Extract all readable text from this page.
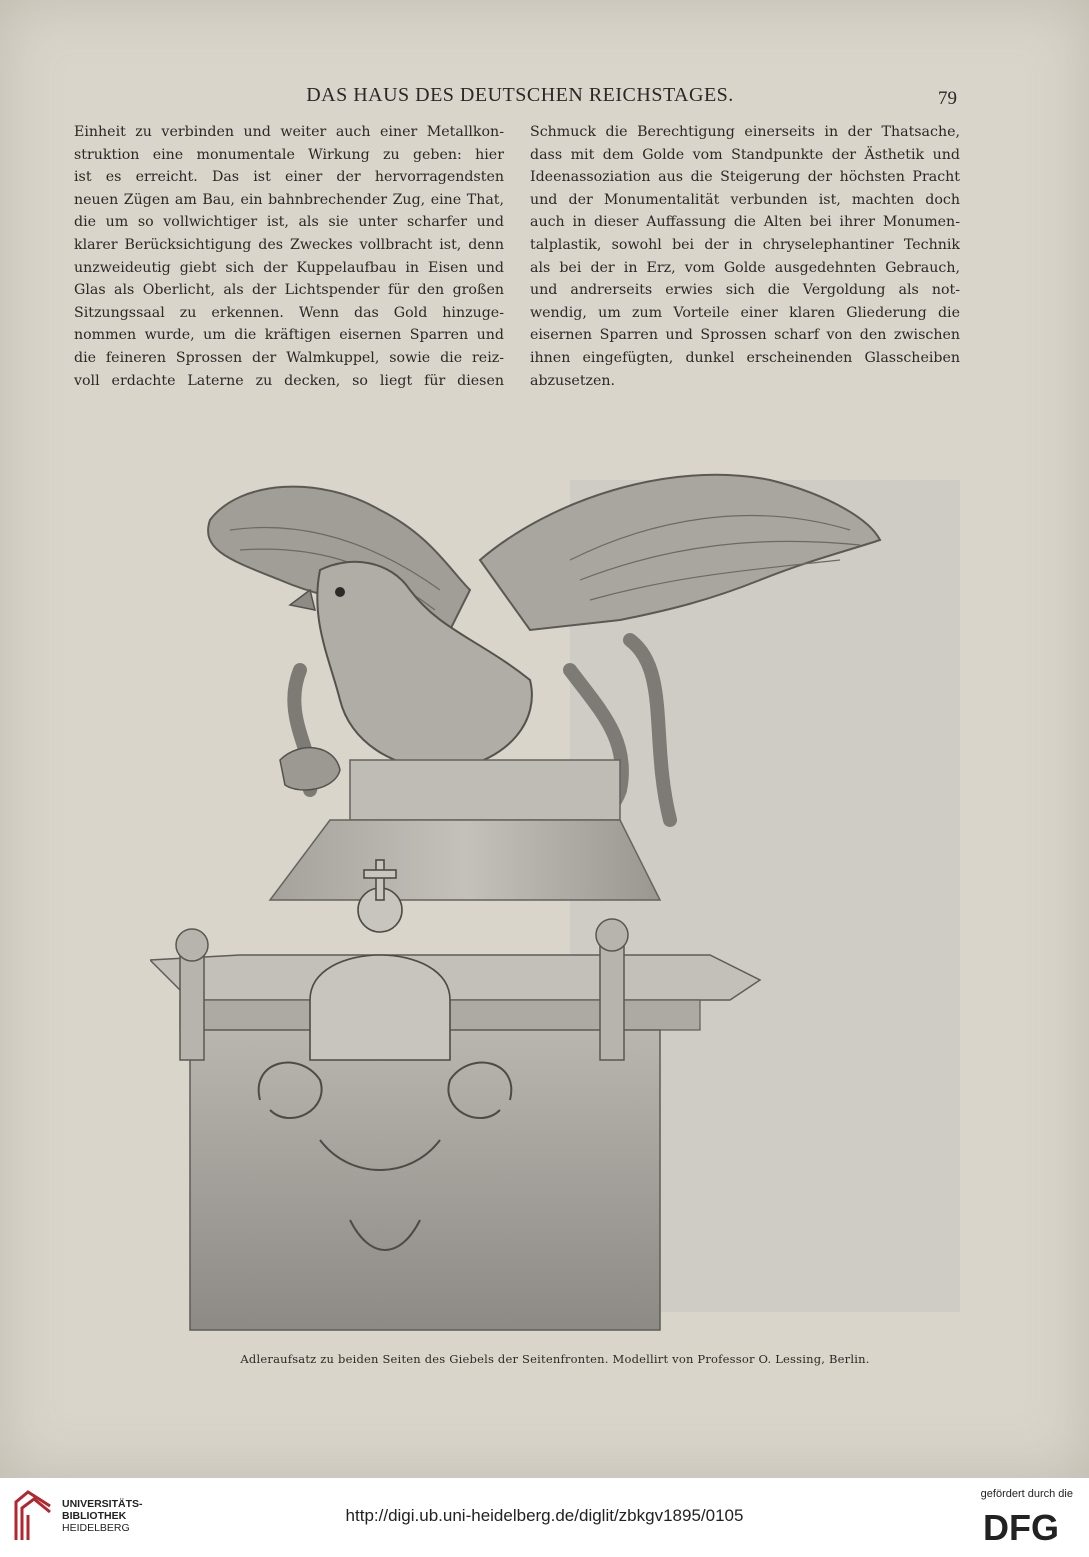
DAS HAUS DES DEUTSCHEN REICHSTAGES.	79
Einheit zu verbinden und weiter auch einer Metallkon-
struktion eine monumentale Wirkung zu geben: hier
ist es erreicht. Das ist einer der hervorragendsten
neuen Zügen am Bau, ein bahnbrechender Zug, eine That,
die um so vollwichtiger ist, als sie unter scharfer und
klarer Berücksichtigung des Zweckes vollbracht ist, denn
unzweideutig giebt sich der Kuppelaufbau in Eisen und
Glas als Oberlicht, als der Lichtspender für den großen
Sitzungssaal zu erkennen. Wenn das Gold hinzuge-
nommen wurde, um die kräftigen eisernen Sparren und
die feineren Sprossen der Walmkuppel, sowie die reiz-
voll erdachte Laterne zu decken, so liegt für diesen
Schmuck die Berechtigung einerseits in der Thatsache,
dass mit dem Golde vom Standpunkte der Ästhetik und
Ideenassoziation aus die Steigerung der höchsten Pracht
und der Monumentalität verbunden ist, machten doch
auch in dieser Auffassung die Alten bei ihrer Monumen-
talplastik, sowohl bei der in chryselephantiner Technik
als bei der in Erz, vom Golde ausgedehnten Gebrauch,
und andrerseits erwies sich die Vergoldung als not-
wendig, um zum Vorteile einer klaren Gliederung die
eisernen Sparren und Sprossen scharf von den zwischen
ihnen eingefügten, dunkel erscheinenden Glasscheiben
abzusetzen.
Adleraufsatz zu beiden Seiten des Giebels der Seitenfronten. Modellirt von Professor O. Lessing, Berlin.
UNIVERSITÄTS-
BIBLIOTHEK
HEIDELBERG
http://digi.ub.uni-heidelberg.de/diglit/zbkgv1895/0105
gefördert durch die
DFG
